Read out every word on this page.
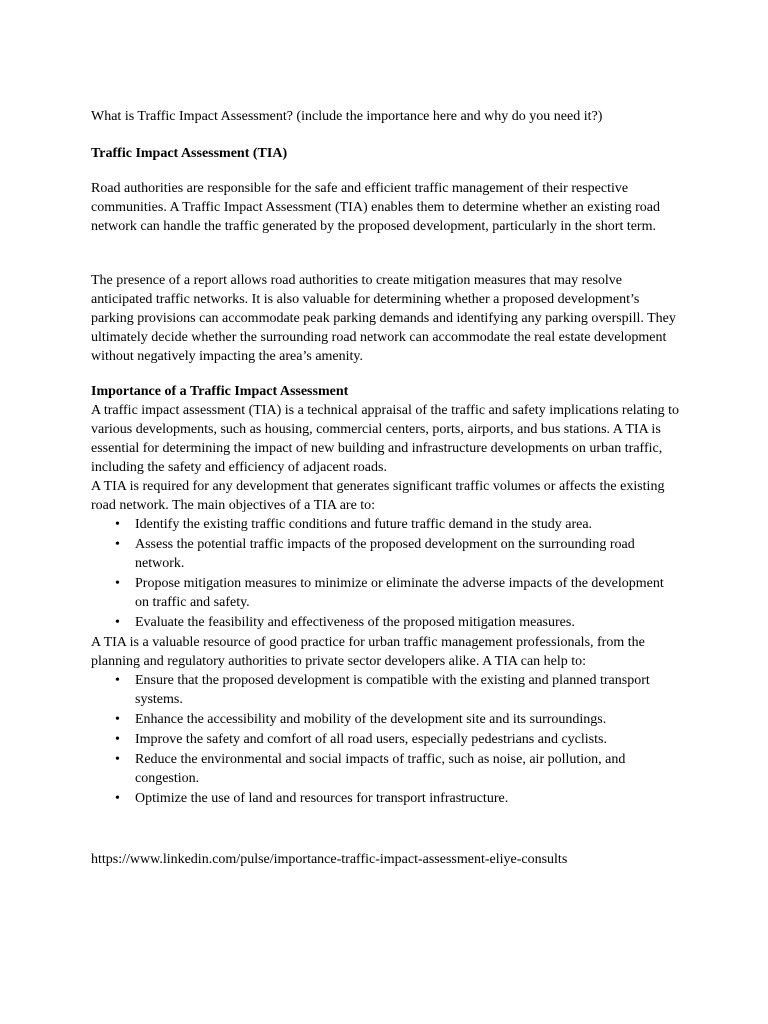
What is Traffic Impact Assessment? (include the importance here and why do you need it?)
Traffic Impact Assessment (TIA)

Road authorities are responsible for the safe and efficient traffic management of their respective communities. A Traffic Impact Assessment (TIA) enables them to determine whether an existing road network can handle the traffic generated by the proposed development, particularly in the short term.

The presence of a report allows road authorities to create mitigation measures that may resolve anticipated traffic networks. It is also valuable for determining whether a proposed development’s parking provisions can accommodate peak parking demands and identifying any parking overspill. They ultimately decide whether the surrounding road network can accommodate the real estate development without negatively impacting the area’s amenity.

Importance of a Traffic Impact Assessment

A traffic impact assessment (TIA) is a technical appraisal of the traffic and safety implications relating to various developments, such as housing, commercial centers, ports, airports, and bus stations. A TIA is essential for determining the impact of new building and infrastructure developments on urban traffic, including the safety and efficiency of adjacent roads.

A TIA is required for any development that generates significant traffic volumes or affects the existing road network. The main objectives of a TIA are to:

• Identify the existing traffic conditions and future traffic demand in the study area.
• Assess the potential traffic impacts of the proposed development on the surrounding road network.
• Propose mitigation measures to minimize or eliminate the adverse impacts of the development on traffic and safety.
• Evaluate the feasibility and effectiveness of the proposed mitigation measures.

A TIA is a valuable resource of good practice for urban traffic management professionals, from the planning and regulatory authorities to private sector developers alike. A TIA can help to:

• Ensure that the proposed development is compatible with the existing and planned transport systems.
• Enhance the accessibility and mobility of the development site and its surroundings.
• Improve the safety and comfort of all road users, especially pedestrians and cyclists.
• Reduce the environmental and social impacts of traffic, such as noise, air pollution, and congestion.
• Optimize the use of land and resources for transport infrastructure.
https://www.linkedin.com/pulse/importance-traffic-impact-assessment-eliye-consults
